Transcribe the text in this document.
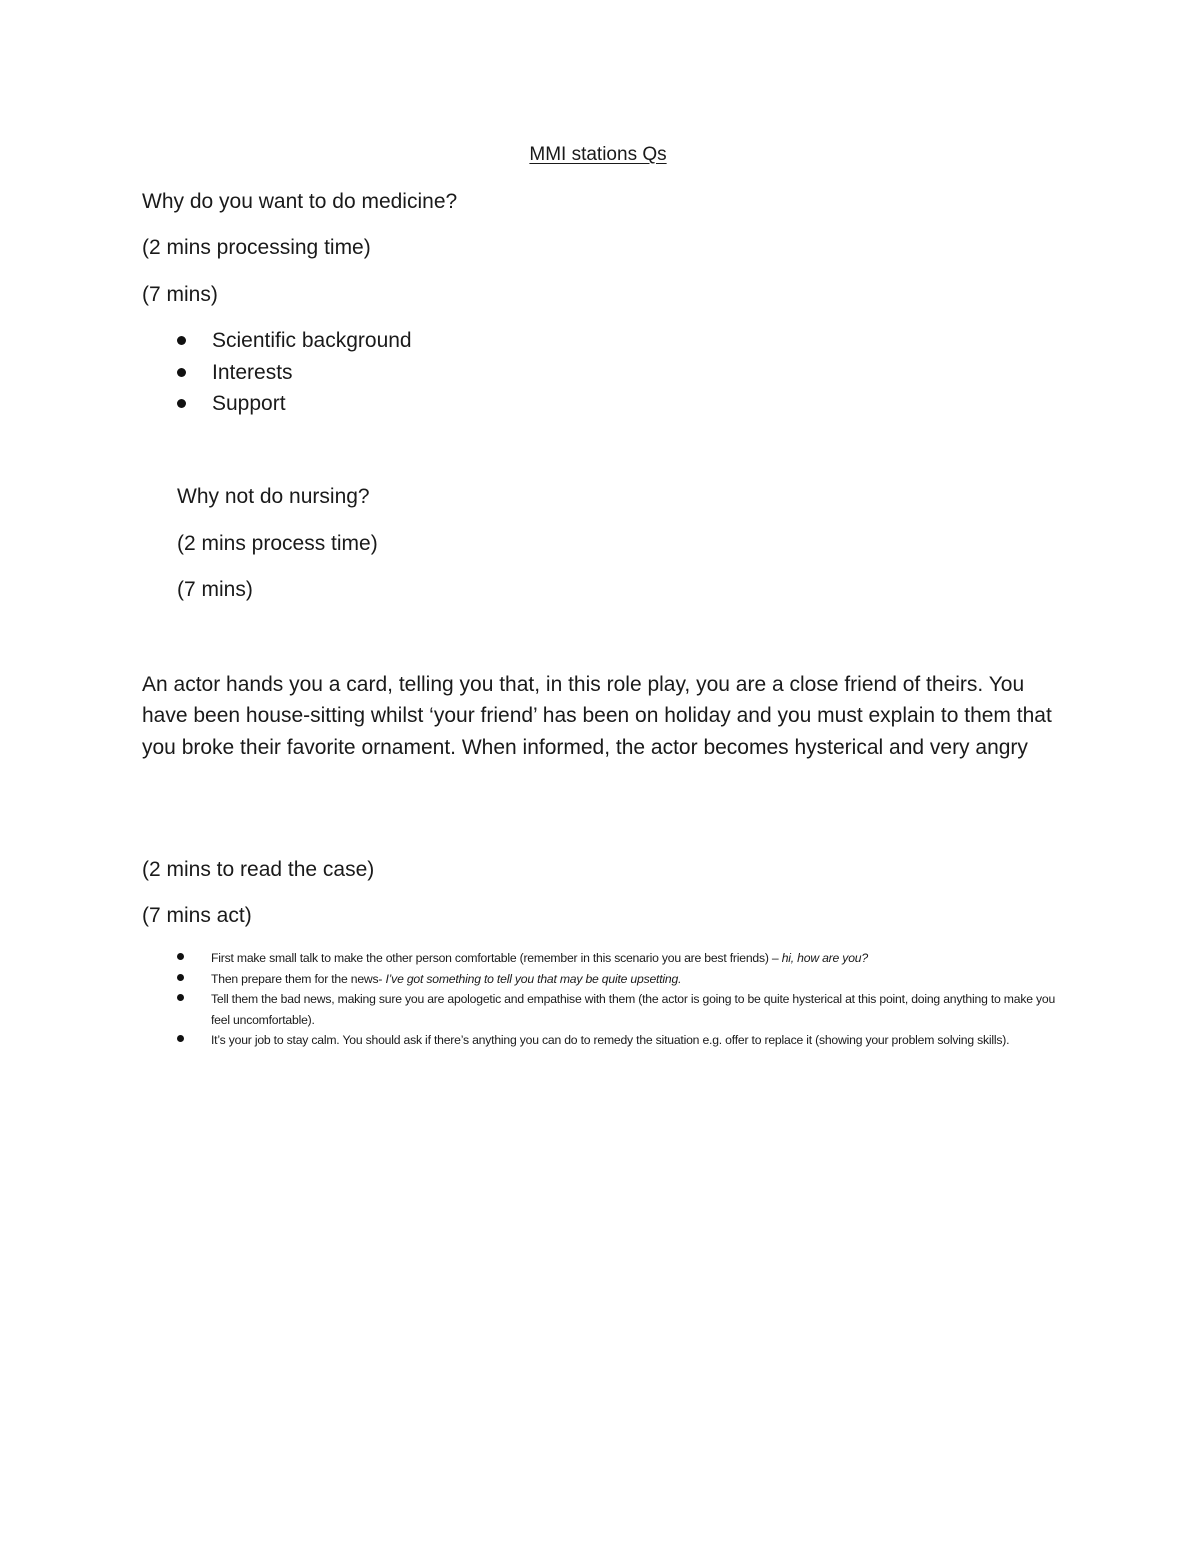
MMI stations Qs
Why do you want to do medicine?
(2 mins processing time)
(7 mins)
Scientific background
Interests
Support
Why not do nursing?
(2 mins process time)
(7 mins)

An actor hands you a card, telling you that, in this role play, you are a close friend of theirs. You have been house-sitting whilst ‘your friend’ has been on holiday and you must explain to them that you broke their favorite ornament. When informed, the actor becomes hysterical and very angry

(2 mins to read the case)
(7 mins act)
First make small talk to make the other person comfortable (remember in this scenario you are best friends) – hi, how are you?
Then prepare them for the news- I’ve got something to tell you that may be quite upsetting.
Tell them the bad news, making sure you are apologetic and empathise with them (the actor is going to be quite hysterical at this point, doing anything to make you feel uncomfortable).
It’s your job to stay calm. You should ask if there’s anything you can do to remedy the situation e.g. offer to replace it (showing your problem solving skills).
